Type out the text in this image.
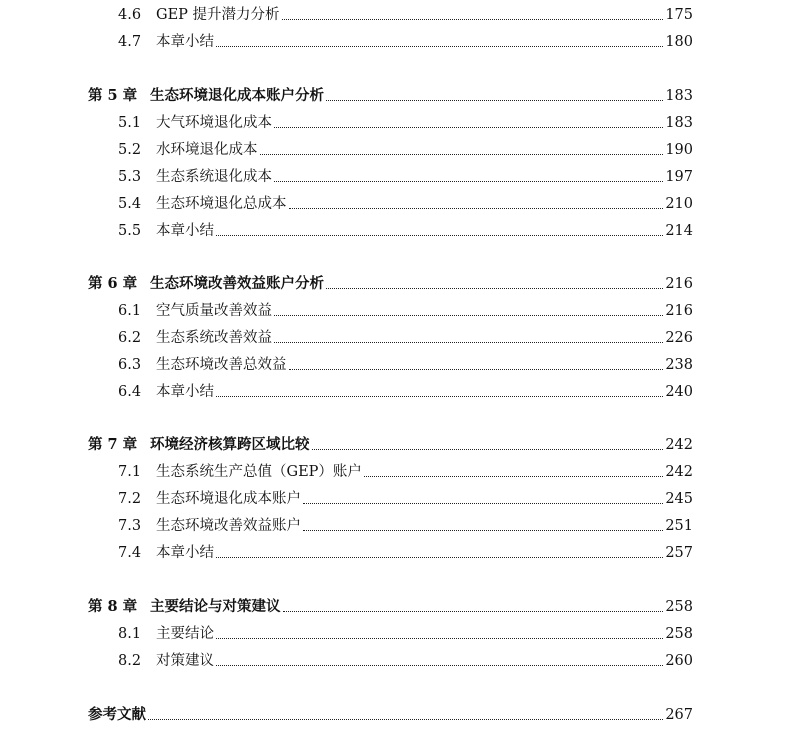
4.6	GEP 提升潜力分析	175
4.7	本章小结	180
第 5 章 生态环境退化成本账户分析	183
5.1	大气环境退化成本	183
5.2	水环境退化成本	190
5.3	生态系统退化成本	197
5.4	生态环境退化总成本	210
5.5	本章小结	214
第 6 章 生态环境改善效益账户分析	216
6.1	空气质量改善效益	216
6.2	生态系统改善效益	226
6.3	生态环境改善总效益	238
6.4	本章小结	240
第 7 章 环境经济核算跨区域比较	242
7.1	生态系统生产总值（GEP）账户	242
7.2	生态环境退化成本账户	245
7.3	生态环境改善效益账户	251
7.4	本章小结	257
第 8 章 主要结论与对策建议	258
8.1	主要结论	258
8.2	对策建议	260
参考文献	267
